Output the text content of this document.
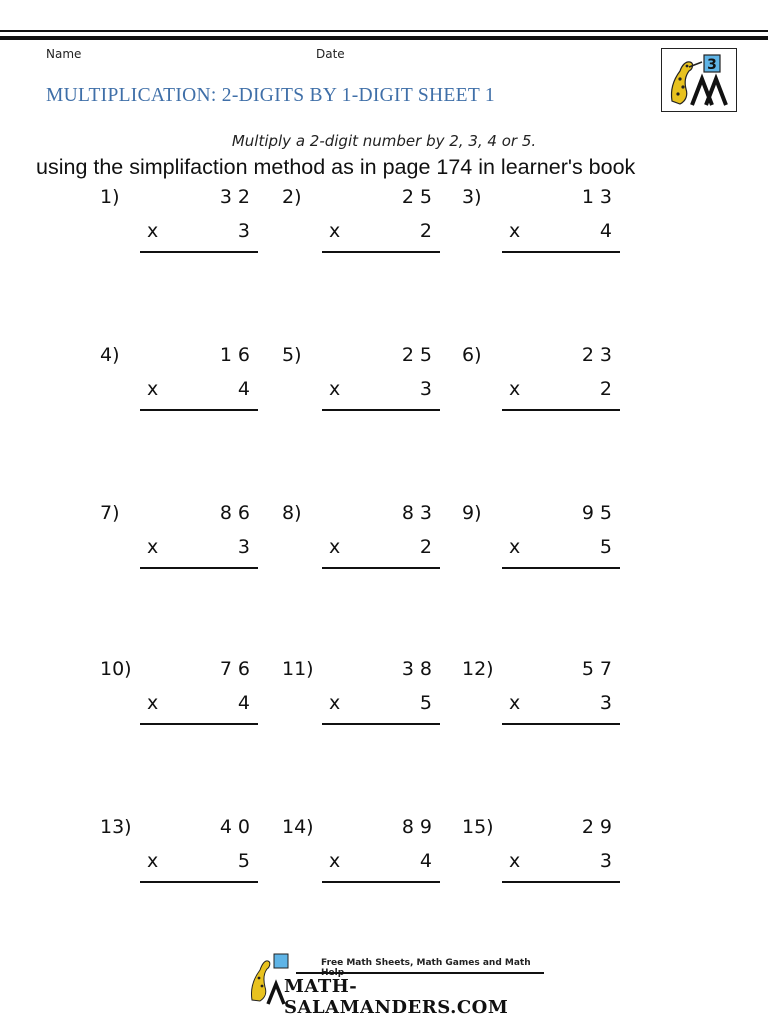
Name	Date
MULTIPLICATION: 2-DIGITS BY 1-DIGIT SHEET 1
3
Multiply a 2-digit number by 2, 3, 4 or 5.
using the simplifaction method as in page 174 in learner's book
1)	32
x	3
2)	25
x	2
3)	13
x	4
4)	16
x	4
5)	25
x	3
6)	23
x	2
7)	86
x	3
8)	83
x	2
9)	95
x	5
10)	76
x	4
11)	38
x	5
12)	57
x	3
13)	40
x	5
14)	89
x	4
15)	29
x	3
Free Math Sheets, Math Games and Math
MATH-SALAMANDERS.COM
